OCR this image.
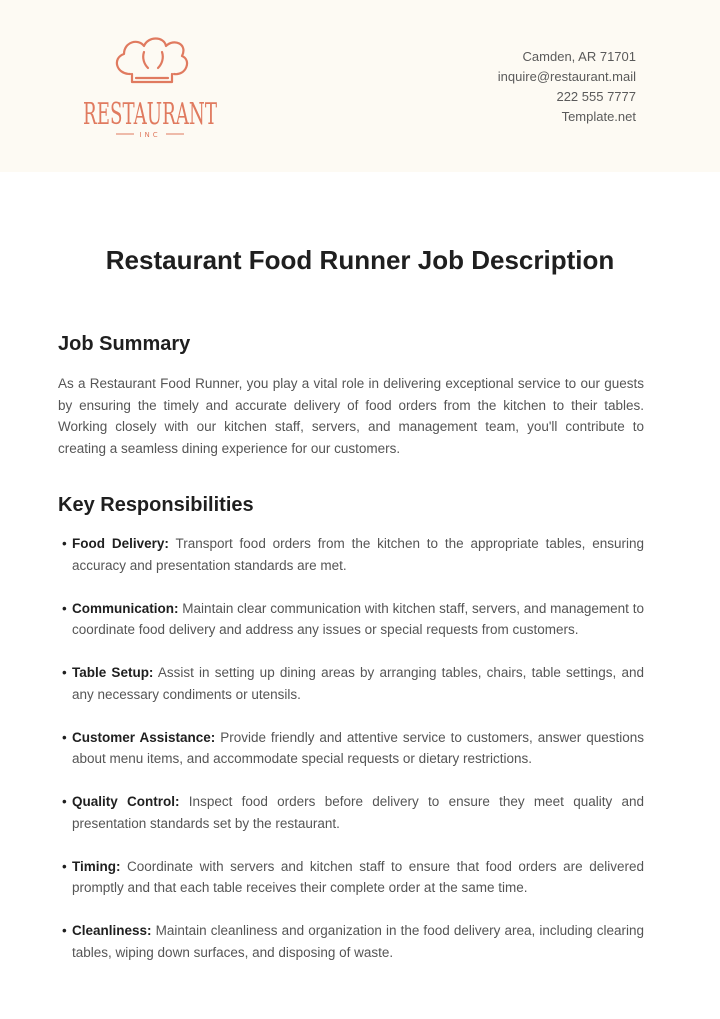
RESTAURANT
INC
Camden, AR 71701
inquire@restaurant.mail
222 555 7777
Template.net
Restaurant Food Runner Job Description
Job Summary

As a Restaurant Food Runner, you play a vital role in delivering exceptional service to our guests by ensuring the timely and accurate delivery of food orders from the kitchen to their tables. Working closely with our kitchen staff, servers, and management team, you'll contribute to creating a seamless dining experience for our customers.

Key Responsibilities
• Food Delivery: Transport food orders from the kitchen to the appropriate tables, ensuring accuracy and presentation standards are met.
• Communication: Maintain clear communication with kitchen staff, servers, and management to coordinate food delivery and address any issues or special requests from customers.
• Table Setup: Assist in setting up dining areas by arranging tables, chairs, table settings, and any necessary condiments or utensils.
• Customer Assistance: Provide friendly and attentive service to customers, answer questions about menu items, and accommodate special requests or dietary restrictions.
• Quality Control: Inspect food orders before delivery to ensure they meet quality and presentation standards set by the restaurant.
• Timing: Coordinate with servers and kitchen staff to ensure that food orders are delivered promptly and that each table receives their complete order at the same time.
• Cleanliness: Maintain cleanliness and organization in the food delivery area, including clearing tables, wiping down surfaces, and disposing of waste.
